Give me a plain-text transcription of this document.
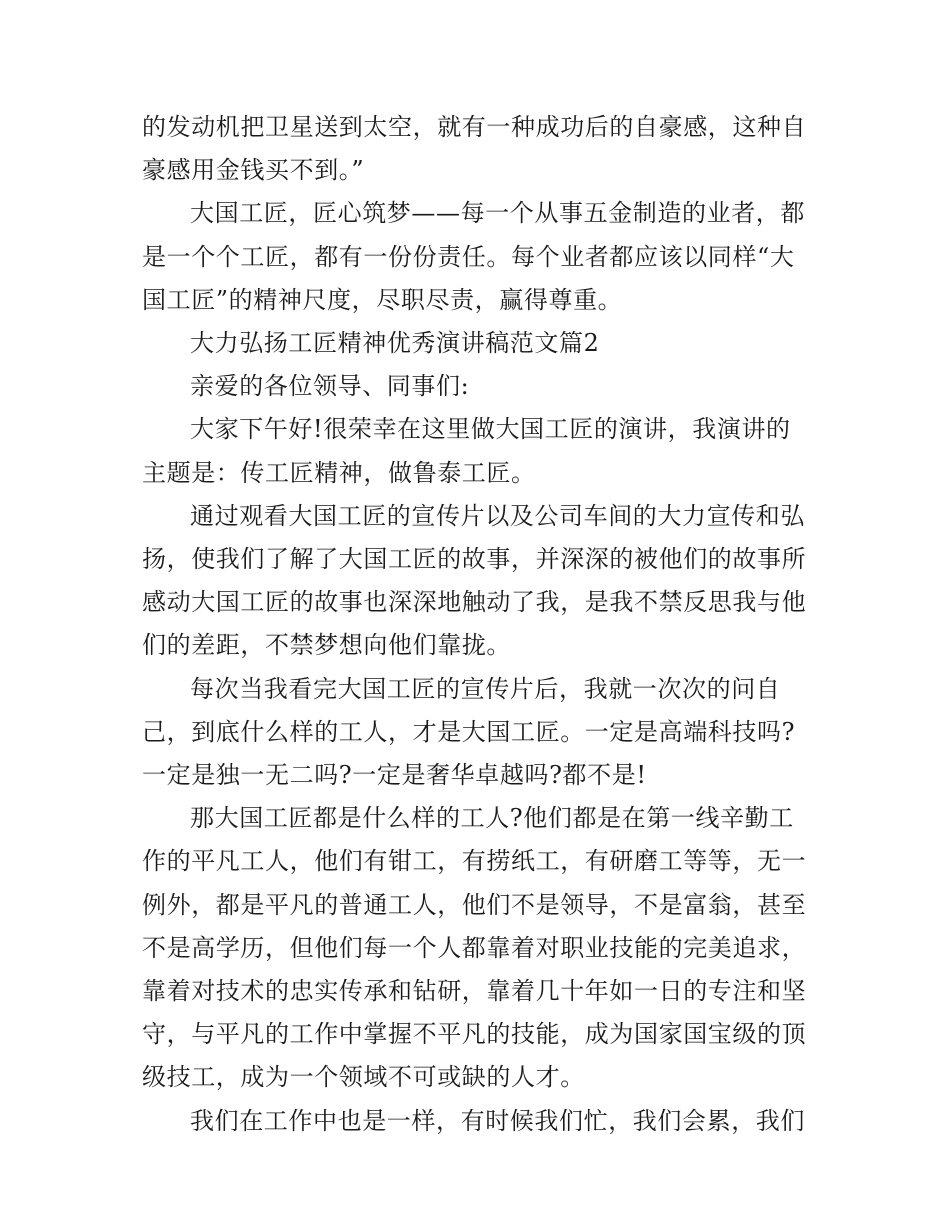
的发动机把卫星送到太空，就有一种成功后的自豪感，这种自

豪感用金钱买不到。”

大国工匠，匠心筑梦——每一个从事五金制造的业者，都

是一个个工匠，都有一份份责任。每个业者都应该以同样“大

国工匠”的精神尺度，尽职尽责，赢得尊重。

大力弘扬工匠精神优秀演讲稿范文篇2

亲爱的各位领导、同事们:

大家下午好!很荣幸在这里做大国工匠的演讲，我演讲的

主题是：传工匠精神，做鲁泰工匠。

通过观看大国工匠的宣传片以及公司车间的大力宣传和弘

扬，使我们了解了大国工匠的故事，并深深的被他们的故事所

感动大国工匠的故事也深深地触动了我，是我不禁反思我与他

们的差距，不禁梦想向他们靠拢。

每次当我看完大国工匠的宣传片后，我就一次次的问自

己，到底什么样的工人，才是大国工匠。一定是高端科技吗?

一定是独一无二吗?一定是奢华卓越吗?都不是!

那大国工匠都是什么样的工人?他们都是在第一线辛勤工

作的平凡工人，他们有钳工，有捞纸工，有研磨工等等，无一

例外，都是平凡的普通工人，他们不是领导，不是富翁，甚至

不是高学历，但他们每一个人都靠着对职业技能的完美追求，

靠着对技术的忠实传承和钻研，靠着几十年如一日的专注和坚

守，与平凡的工作中掌握不平凡的技能，成为国家国宝级的顶

级技工，成为一个领域不可或缺的人才。

我们在工作中也是一样，有时候我们忙，我们会累，我们
